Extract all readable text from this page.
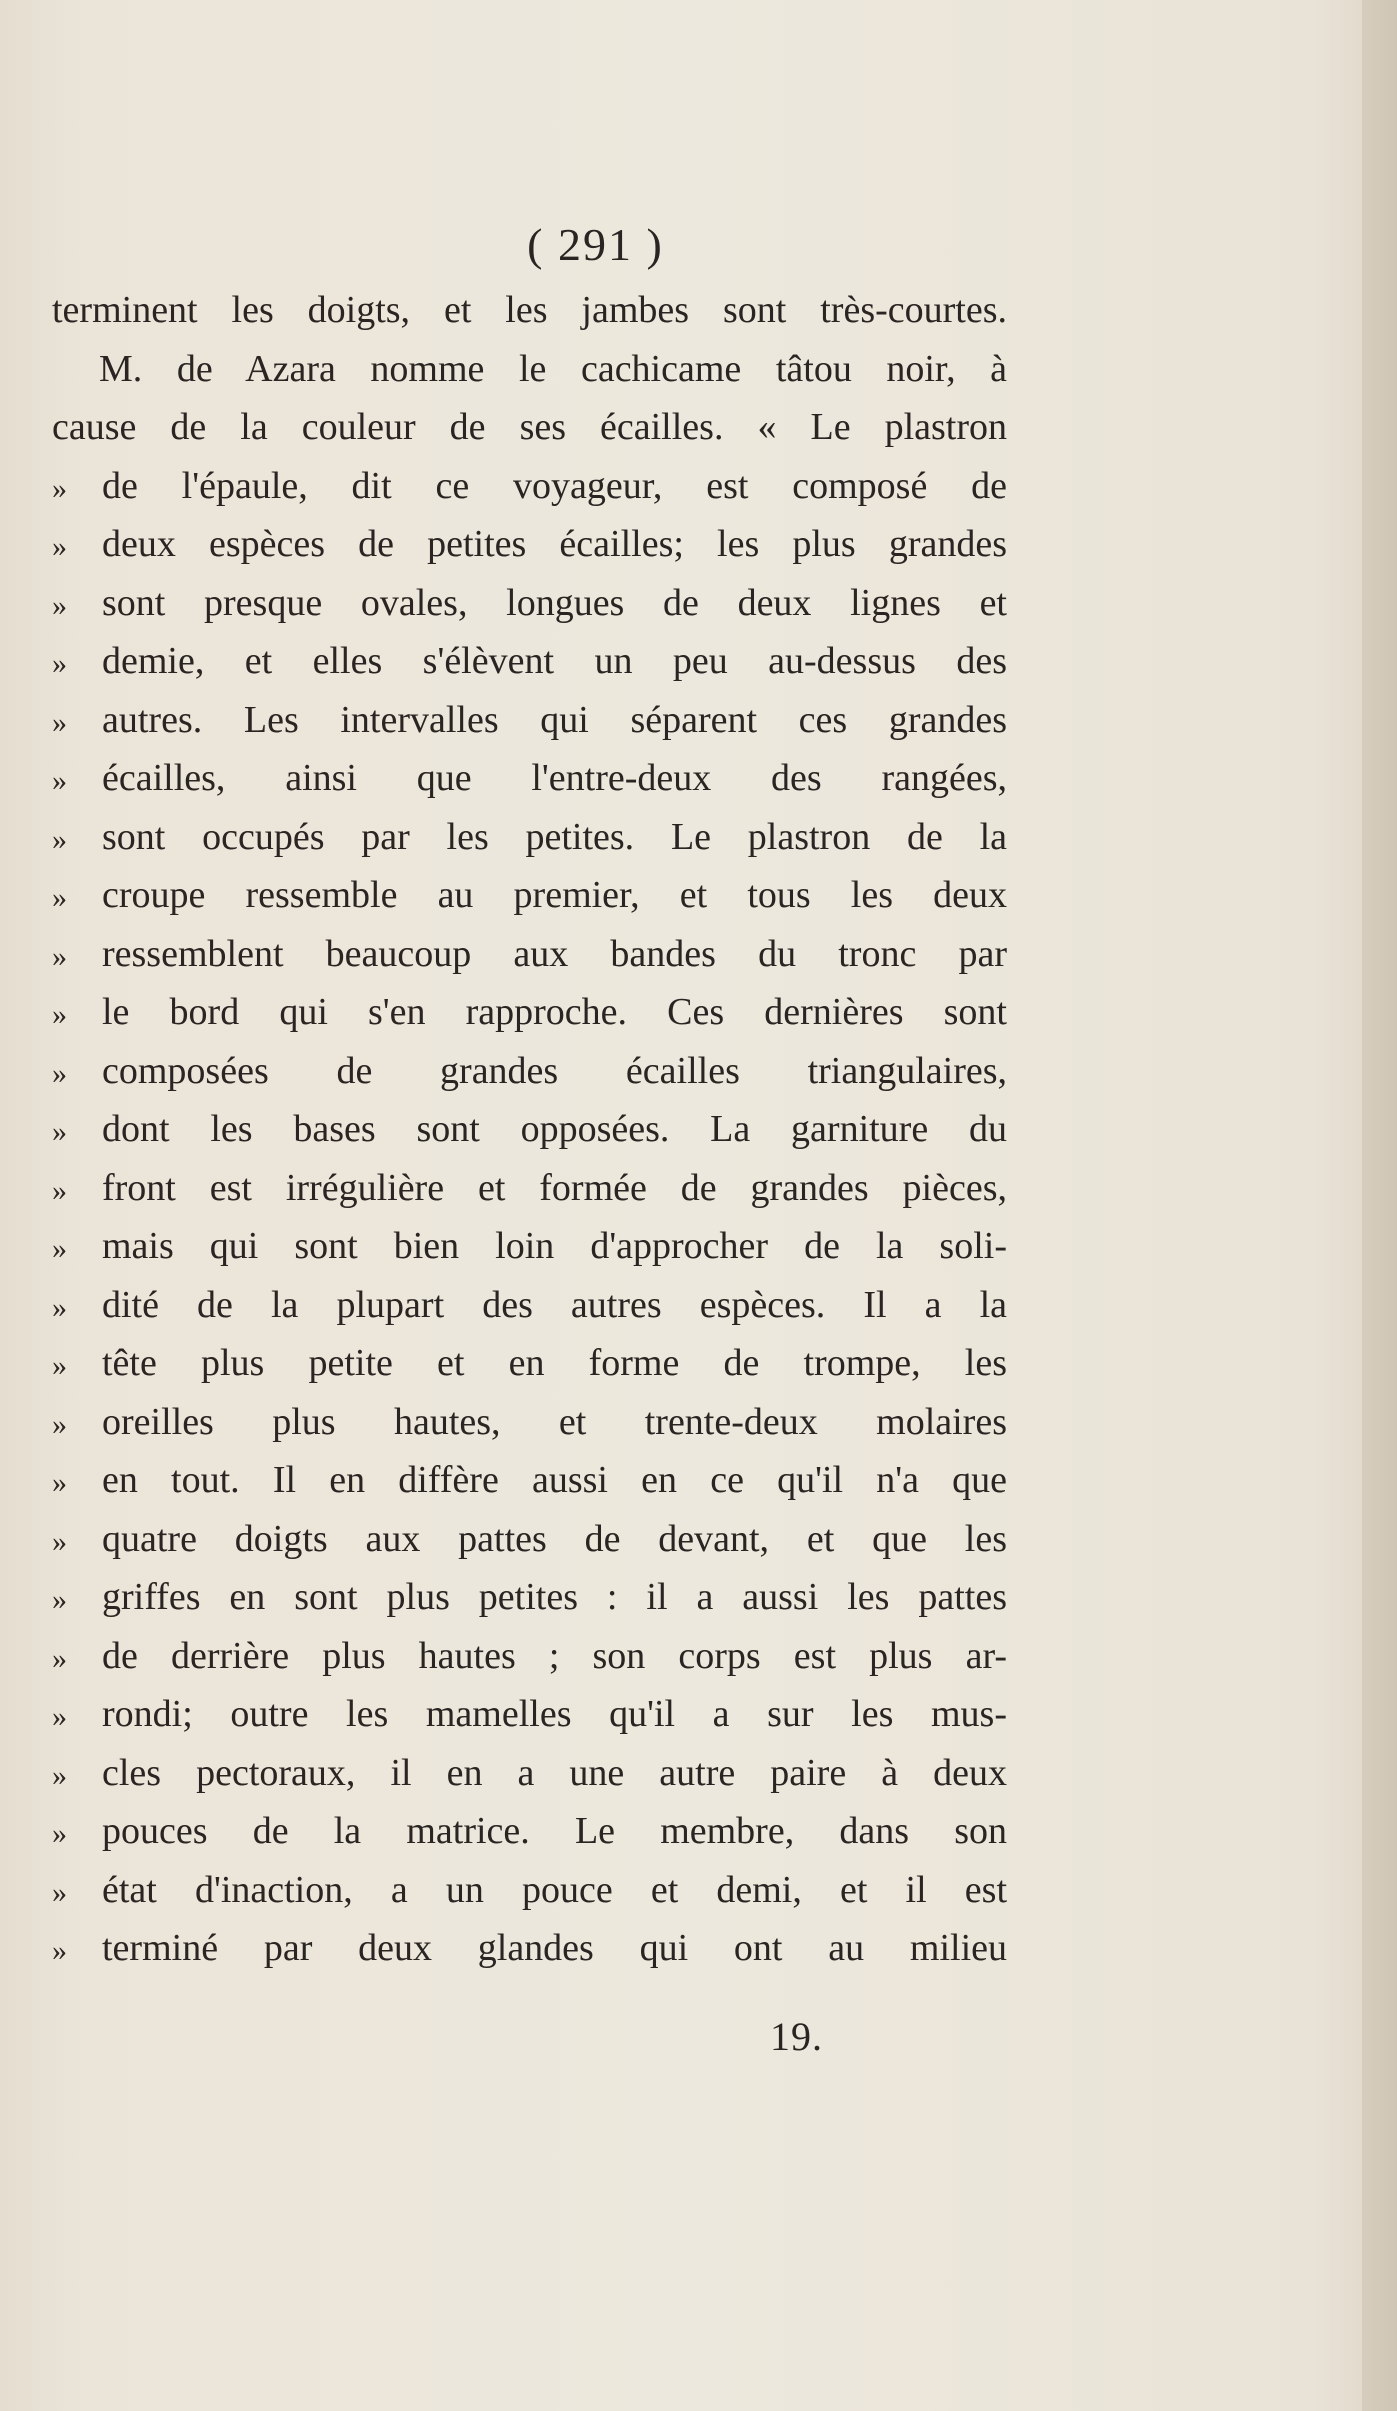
( 291 )
terminent les doigts, et les jambes sont très-courtes.
M. de Azara nomme le cachicame tâtou noir, à
cause de la couleur de ses écailles. « Le plastron
» de l'épaule, dit ce voyageur, est composé de
» deux espèces de petites écailles; les plus grandes
» sont presque ovales, longues de deux lignes et
» demie, et elles s'élèvent un peu au-dessus des
» autres. Les intervalles qui séparent ces grandes
» écailles, ainsi que l'entre-deux des rangées,
» sont occupés par les petites. Le plastron de la
» croupe ressemble au premier, et tous les deux
» ressemblent beaucoup aux bandes du tronc par
» le bord qui s'en rapproche. Ces dernières sont
» composées de grandes écailles triangulaires,
» dont les bases sont opposées. La garniture du
» front est irrégulière et formée de grandes pièces,
» mais qui sont bien loin d'approcher de la soli-
» dité de la plupart des autres espèces. Il a la
» tête plus petite et en forme de trompe, les
» oreilles plus hautes, et trente-deux molaires
» en tout. Il en diffère aussi en ce qu'il n'a que
» quatre doigts aux pattes de devant, et que les
» griffes en sont plus petites : il a aussi les pattes
» de derrière plus hautes ; son corps est plus ar-
» rondi; outre les mamelles qu'il a sur les mus-
» cles pectoraux, il en a une autre paire à deux
» pouces de la matrice. Le membre, dans son
» état d'inaction, a un pouce et demi, et il est
» terminé par deux glandes qui ont au milieu
19.
